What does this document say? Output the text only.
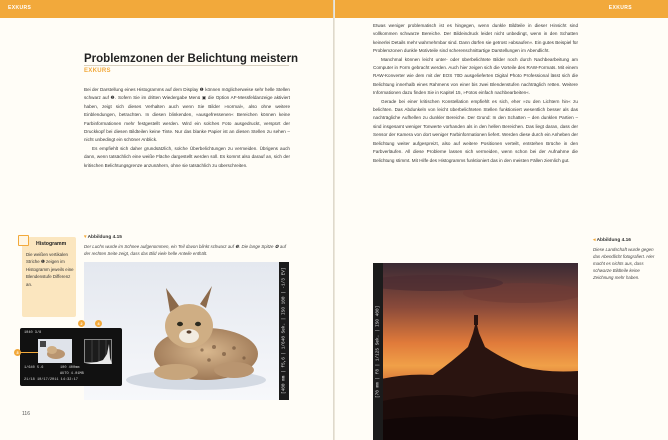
EXKURS
Problemzonen der Belichtung meistern
EXKURS

Bei der Darstellung eines Histogramms auf dem Display ❶ können möglicherweise sehr helle Stellen schwarz auf ❷. Sofern Sie im dritten Wiedergabe Menü ▣ die Option AF-Messfeldanzeige aktiviert haben, zeigt sich dieses Verhalten auch wenn Sie Bilder »normal«, also ohne weitere Einblendungen, betrachten. In diesen blinkenden, »ausgefressenen« Bereichen können keine Farbinformationen mehr festgestellt werden. Wird ein solches Foto ausgedruckt, verspürt der Druckkopf bei diesen Bildteilen keine Tinte. Nur das blanke Papier ist an diesen Stellen zu sehen – nicht unbedingt ein schöner Anblick.

Es empfiehlt sich daher grundsätzlich, solche Überbelichtungen zu vermeiden. Übrigens auch dann, wenn tatsächlich eine weiße Fläche dargestellt werden soll. Es kommt also darauf an, sich der kritischen Belichtungsgrenze anzunähern, ohne sie tatsächlich zu überschreiten.

▾ Abbildung 4.15
Der Luchs wurde im Schnee aufgenommen, ein Teil davon blinkt schwarz auf ❸. Die lange Spitze ❹ auf der rechten Seite zeigt, dass das Bild viele helle Anteile enthält.
[400 mm | f5,6 | 1/640 Sek. | ISO 100 | -1/3 EV]
Histogramm
Die weißen vertikalen Striche ❶ zeigen im Histogramm jeweils eine Blendenstufe Differenz an.
1040 3/8
1/640 5.6	100 400mm
21/18 10/17/2011 14:32:17
AUTO 4.01MB
3
2	4
116
EXKURS

Etwas weniger problematisch ist es hingegen, wenn dunkle Bildteile in dieser Hinsicht sind vollkommen schwarze Bereiche. Der Bildeindruck leidet nicht unbedingt, wenn in den Schatten keinerlei Details mehr wahrnehmbar sind. Dann dürfen sie getrost »absaufen«. Ein gutes Beispiel für Problemzonen dunkle Motivteile sind scherenschnittartige Darstellungen im Abendlicht.

Manchmal können leicht unter- oder überbelichtete Bilder noch durch Nachbearbeitung am Computer in Form gebracht werden. Auch hier zeigen sich die Vorteile des RAW-Formats. Mit einem RAW-Konverter wie dem mit der EOS 70D ausgelieferten Digital Photo Professional lässt sich die Belichtung innerhalb eines Rahmens von einer bis zwei Blendenstufen nachträglich retten. Weitere Informationen dazu finden Sie in Kapitel 15, »Fotos einfach nachbearbeiten«.

Gerade bei einer kritischen Konstellation empfiehlt es sich, eher »zu den Lichtern hin« zu belichten. Das Abdunkeln von leicht überbelichteten Stellen funktioniert wesentlich besser als das nachträgliche Aufhellen zu dunkler Bereiche. Der Grund: In den Schatten – den dunklen Partien – sind insgesamt weniger Tonwerte vorhanden als in den hellen Bereichen. Das liegt daran, dass der Sensor der Kamera von dort weniger Farbinformationen liefert. Werden diese durch ein Anheben der Belichtung weiter aufgespreizt, also auf weitere Positionen verteilt, entstehen Brüche in den Farbverläufen. All diese Probleme lassen sich vermeiden, wenn schon bei der Aufnahme die Belichtung stimmt. Mit Hilfe des Histogramms funktioniert das in den meisten Fällen ziemlich gut.

◂ Abbildung 4.16
Diese Landschaft wurde gegen das Abendlicht fotografiert. Hier macht es nichts aus, dass schwarze Bildteile keine Zeichnung mehr haben.
[70 mm | f8 | 1/125 Sek. | ISO 400]
